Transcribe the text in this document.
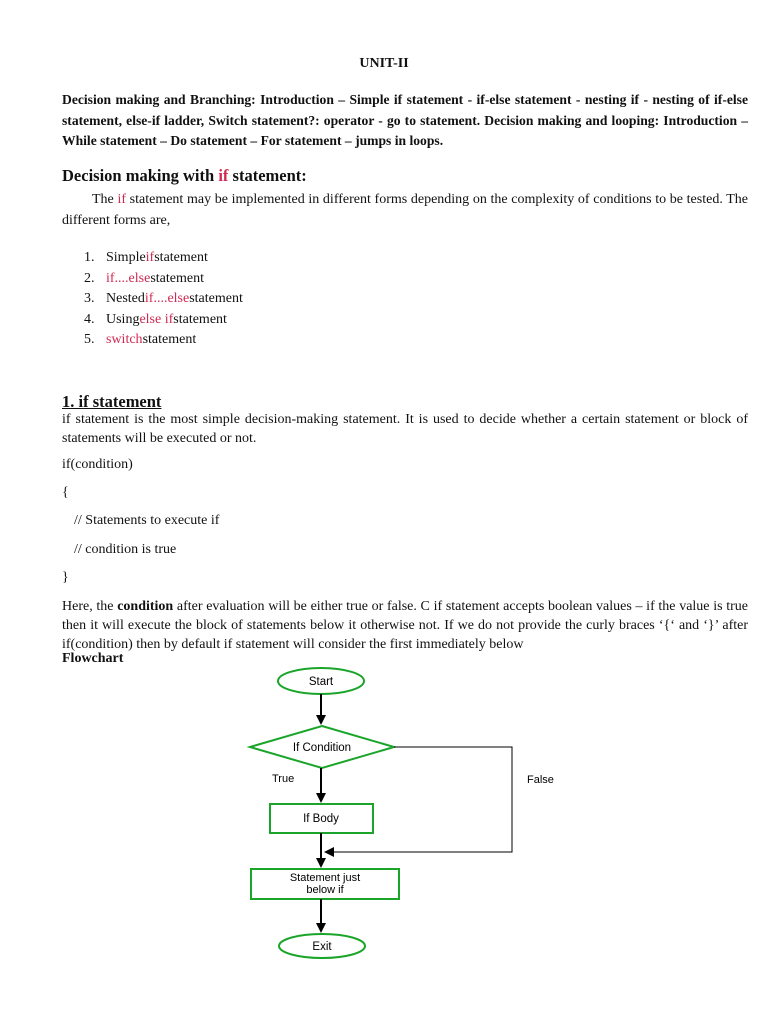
UNIT-II
Decision making and Branching: Introduction – Simple if statement - if-else statement - nesting if - nesting of if-else statement, else-if ladder, Switch statement?: operator - go to statement. Decision making and looping: Introduction – While statement – Do statement – For statement – jumps in loops.
Decision making with if statement:
The if statement may be implemented in different forms depending on the complexity of conditions to be tested. The different forms are,
1. Simple if statement
2. if....else statement
3. Nested if....else statement
4. Using else if statement
5. switch statement
1. if statement
if statement is the most simple decision-making statement. It is used to decide whether a certain statement or block of statements will be executed or not.
if(condition)
{
// Statements to execute if
// condition is true
}
Here, the condition after evaluation will be either true or false. C if statement accepts boolean values – if the value is true then it will execute the block of statements below it otherwise not. If we do not provide the curly braces ‘{‘ and ‘}’ after if(condition) then by default if statement will consider the first immediately below
Flowchart
Start
If Condition
True	False
If Body
Statement just
below if
Exit
